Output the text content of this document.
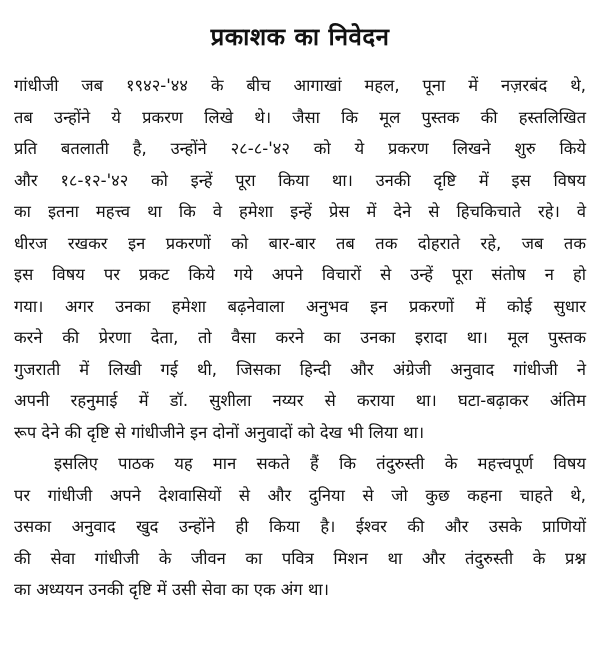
प्रकाशक का निवेदन

गांधीजी जब १९४२-'४४ के बीच आगाखां महल, पूना में नज़रबंद थे,
तब उन्होंने ये प्रकरण लिखे थे। जैसा कि मूल पुस्तक की हस्तलिखित
प्रति बतलाती है, उन्होंने २८-८-'४२ को ये प्रकरण लिखने शुरु किये
और १८-१२-'४२ को इन्हें पूरा किया था। उनकी दृष्टि में इस विषय
का इतना महत्त्व था कि वे हमेशा इन्हें प्रेस में देने से हिचकिचाते रहे। वे
धीरज रखकर इन प्रकरणों को बार-बार तब तक दोहराते रहे, जब तक
इस विषय पर प्रकट किये गये अपने विचारों से उन्हें पूरा संतोष न हो
गया। अगर उनका हमेशा बढ़नेवाला अनुभव इन प्रकरणों में कोई सुधार
करने की प्रेरणा देता, तो वैसा करने का उनका इरादा था। मूल पुस्तक
गुजराती में लिखी गई थी, जिसका हिन्दी और अंग्रेजी अनुवाद गांधीजी ने
अपनी रहनुमाई में डॉ. सुशीला नय्यर से कराया था। घटा-बढ़ाकर अंतिम
रूप देने की दृष्टि से गांधीजीने इन दोनों अनुवादों को देख भी लिया था।

इसलिए पाठक यह मान सकते हैं कि तंदुरुस्ती के महत्त्वपूर्ण विषय
पर गांधीजी अपने देशवासियों से और दुनिया से जो कुछ कहना चाहते थे,
उसका अनुवाद खुद उन्होंने ही किया है। ईश्वर की और उसके प्राणियों
की सेवा गांधीजी के जीवन का पवित्र मिशन था और तंदुरुस्ती के प्रश्न
का अध्ययन उनकी दृष्टि में उसी सेवा का एक अंग था।
